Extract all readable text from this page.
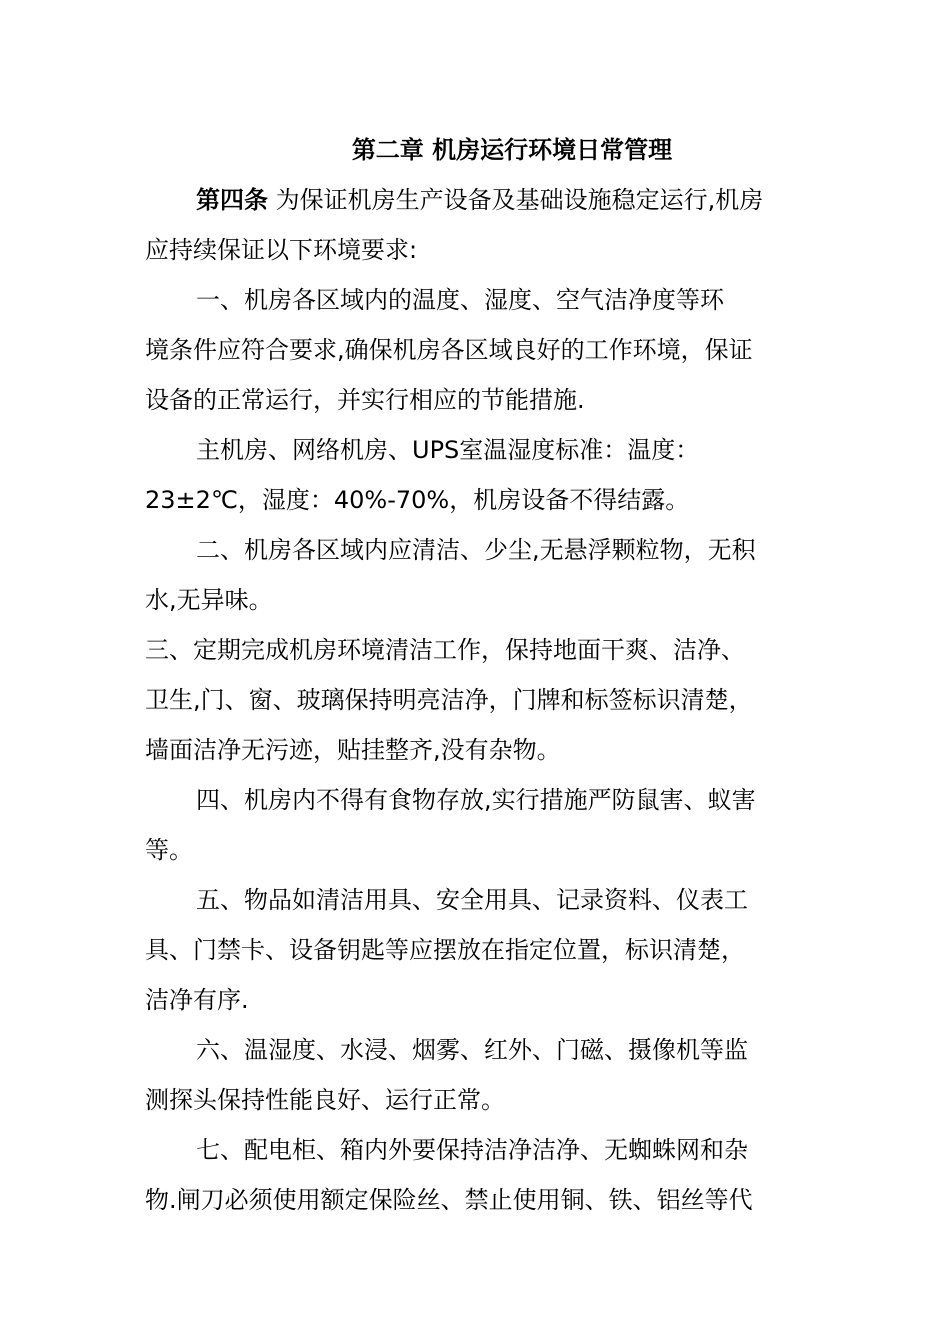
第二章 机房运行环境日常管理
第四条 为保证机房生产设备及基础设施稳定运行,机房
应持续保证以下环境要求:
一、机房各区域内的温度、湿度、空气洁净度等环
境条件应符合要求,确保机房各区域良好的工作环境，保证
设备的正常运行，并实行相应的节能措施.
主机房、网络机房、UPS室温湿度标准：温度：
23±2℃，湿度：40%-70%，机房设备不得结露。
二、机房各区域内应清洁、少尘,无悬浮颗粒物，无积
水,无异味。
三、定期完成机房环境清洁工作，保持地面干爽、洁净、
卫生,门、窗、玻璃保持明亮洁净，门牌和标签标识清楚，
墙面洁净无污迹，贴挂整齐,没有杂物。
四、机房内不得有食物存放,实行措施严防鼠害、蚁害
等。
五、物品如清洁用具、安全用具、记录资料、仪表工
具、门禁卡、设备钥匙等应摆放在指定位置，标识清楚，
洁净有序.
六、温湿度、水浸、烟雾、红外、门磁、摄像机等监
测探头保持性能良好、运行正常。
七、配电柜、箱内外要保持洁净洁净、无蜘蛛网和杂
物.闸刀必须使用额定保险丝、禁止使用铜、铁、铝丝等代
